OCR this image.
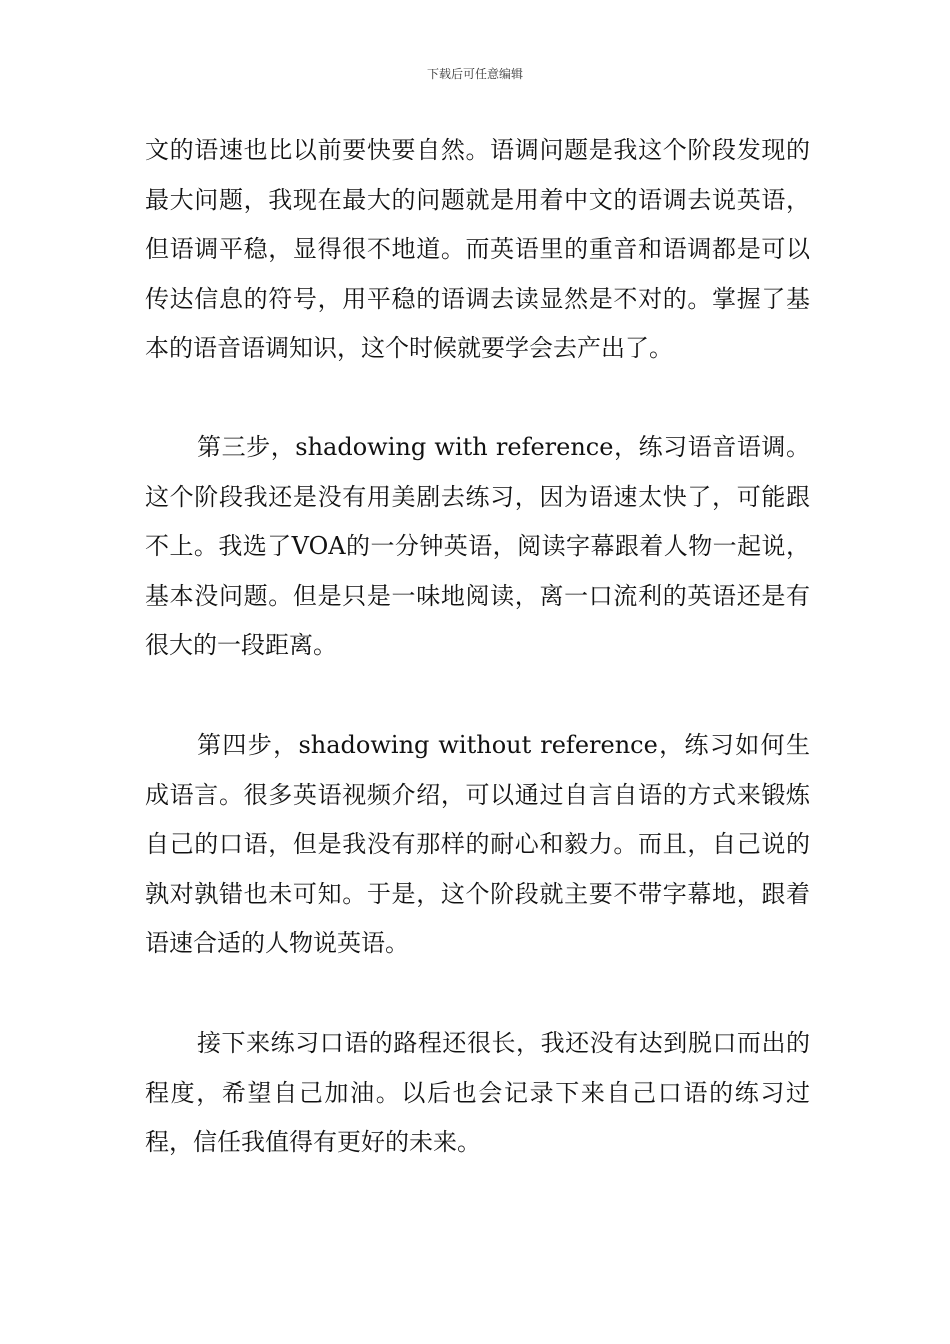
下载后可任意编辑

文的语速也比以前要快要自然。语调问题是我这个阶段发现的最大问题，我现在最大的问题就是用着中文的语调去说英语，但语调平稳，显得很不地道。而英语里的重音和语调都是可以传达信息的符号，用平稳的语调去读显然是不对的。掌握了基本的语音语调知识，这个时候就要学会去产出了。

第三步，shadowing with reference，练习语音语调。这个阶段我还是没有用美剧去练习，因为语速太快了，可能跟不上。我选了VOA的一分钟英语，阅读字幕跟着人物一起说，基本没问题。但是只是一味地阅读，离一口流利的英语还是有很大的一段距离。

第四步，shadowing without reference，练习如何生成语言。很多英语视频介绍，可以通过自言自语的方式来锻炼自己的口语，但是我没有那样的耐心和毅力。而且，自己说的孰对孰错也未可知。于是，这个阶段就主要不带字幕地，跟着语速合适的人物说英语。

接下来练习口语的路程还很长，我还没有达到脱口而出的程度，希望自己加油。以后也会记录下来自己口语的练习过程，信任我值得有更好的未来。
